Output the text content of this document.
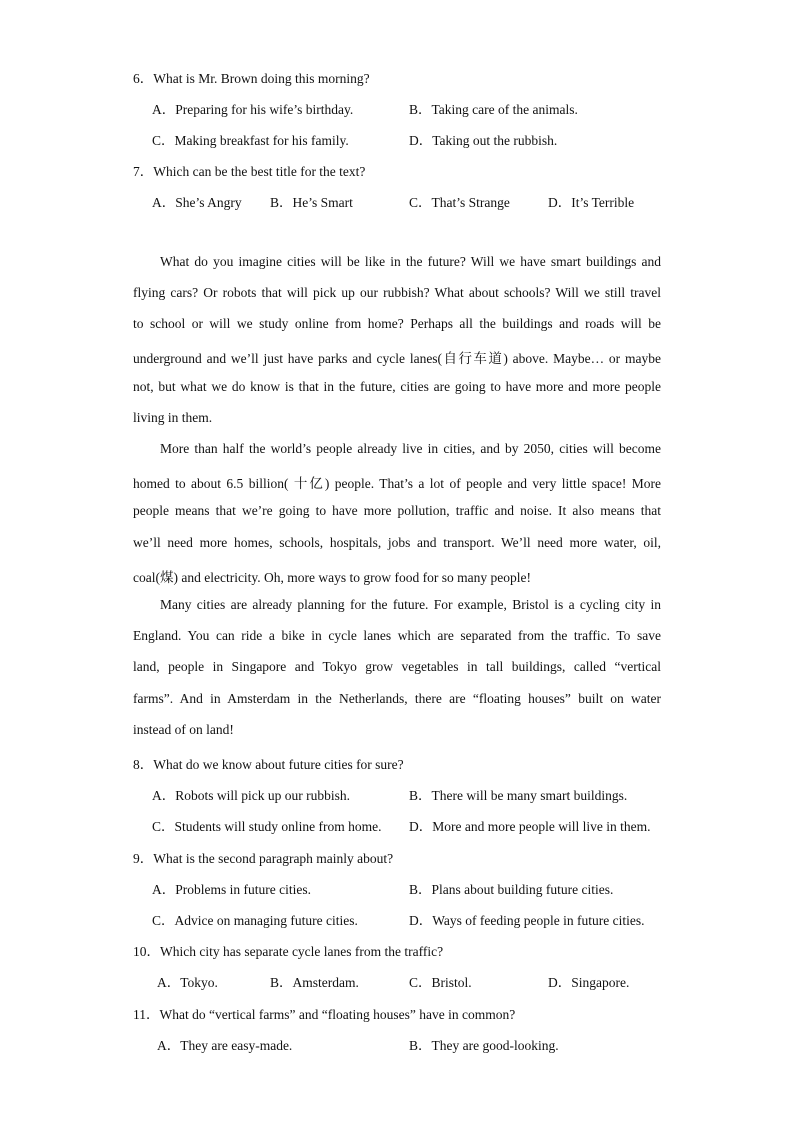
6．What is Mr. Brown doing this morning?
A．Preparing for his wife’s birthday.	B．Taking care of the animals.
C．Making breakfast for his family.	D．Taking out the rubbish.
7．Which can be the best title for the text?
A．She’s Angry B．He’s Smart	C．That’s Strange	D．It’s Terrible
What do you imagine cities will be like in the future? Will we have smart buildings and
flying cars? Or robots that will pick up our rubbish? What about schools? Will we still travel
to school or will we study online from home? Perhaps all the buildings and roads will be
underground and we’ll just have parks and cycle lanes(自行车道) above. Maybe… or maybe
not, but what we do know is that in the future, cities are going to have more and more people
living in them.
More than half the world’s people already live in cities, and by 2050, cities will become
homed to about 6.5 billion( 十亿) people. That’s a lot of people and very little space! More
people means that we’re going to have more pollution, traffic and noise. It also means that
we’ll need more homes, schools, hospitals, jobs and transport. We’ll need more water, oil,
coal(煤) and electricity. Oh, more ways to grow food for so many people!
Many cities are already planning for the future. For example, Bristol is a cycling city in
England. You can ride a bike in cycle lanes which are separated from the traffic. To save
land, people in Singapore and Tokyo grow vegetables in tall buildings, called “vertical
farms”. And in Amsterdam in the Netherlands, there are “floating houses” built on water
instead of on land!
8．What do we know about future cities for sure?
A．Robots will pick up our rubbish.	B．There will be many smart buildings.
C．Students will study online from home. D．More and more people will live in them.
9．What is the second paragraph mainly about?
A．Problems in future cities.	B．Plans about building future cities.
C．Advice on managing future cities.	D．Ways of feeding people in future cities.
10．Which city has separate cycle lanes from the traffic?
A．Tokyo.	B．Amsterdam.	C．Bristol.	D．Singapore.
11．What do “vertical farms” and “floating houses” have in common?
A．They are easy-made.	B．They are good-looking.
